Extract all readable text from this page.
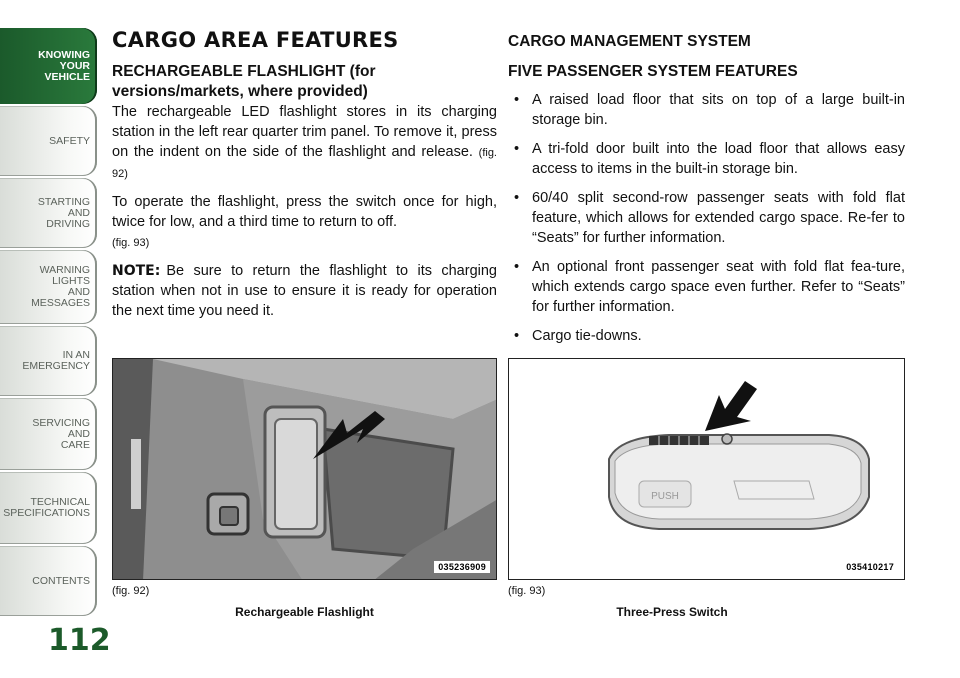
KNOWING
YOUR
VEHICLE
SAFETY
STARTING
AND
DRIVING
WARNING
LIGHTS
AND
MESSAGES
IN AN
EMERGENCY
SERVICING
AND
CARE
TECHNICAL
SPECIFICATIONS
CONTENTS
112
CARGO AREA FEATURES
RECHARGEABLE FLASHLIGHT (for
versions/markets, where provided)

The rechargeable LED flashlight stores in its charging station in the left rear quarter trim panel. To remove it, press on the indent on the side of the flashlight and release. (fig. 92)

To operate the flashlight, press the switch once for high, twice for low, and a third time to return to off.
(fig. 93)

NOTE: Be sure to return the flashlight to its charging station when not in use to ensure it is ready for operation the next time you need it.

035236909
(fig. 92)
Rechargeable Flashlight
CARGO MANAGEMENT SYSTEM
FIVE PASSENGER SYSTEM FEATURES
• A raised load floor that sits on top of a large built-in storage bin.
• A tri-fold door built into the load floor that allows easy access to items in the built-in storage bin.
• 60/40 split second-row passenger seats with fold flat feature, which allows for extended cargo space. Re-fer to “Seats” for further information.
• An optional front passenger seat with fold flat fea-ture, which extends cargo space even further. Refer to “Seats” for further information.
• Cargo tie-downs.
PUSH
035410217
(fig. 93)
Three-Press Switch
